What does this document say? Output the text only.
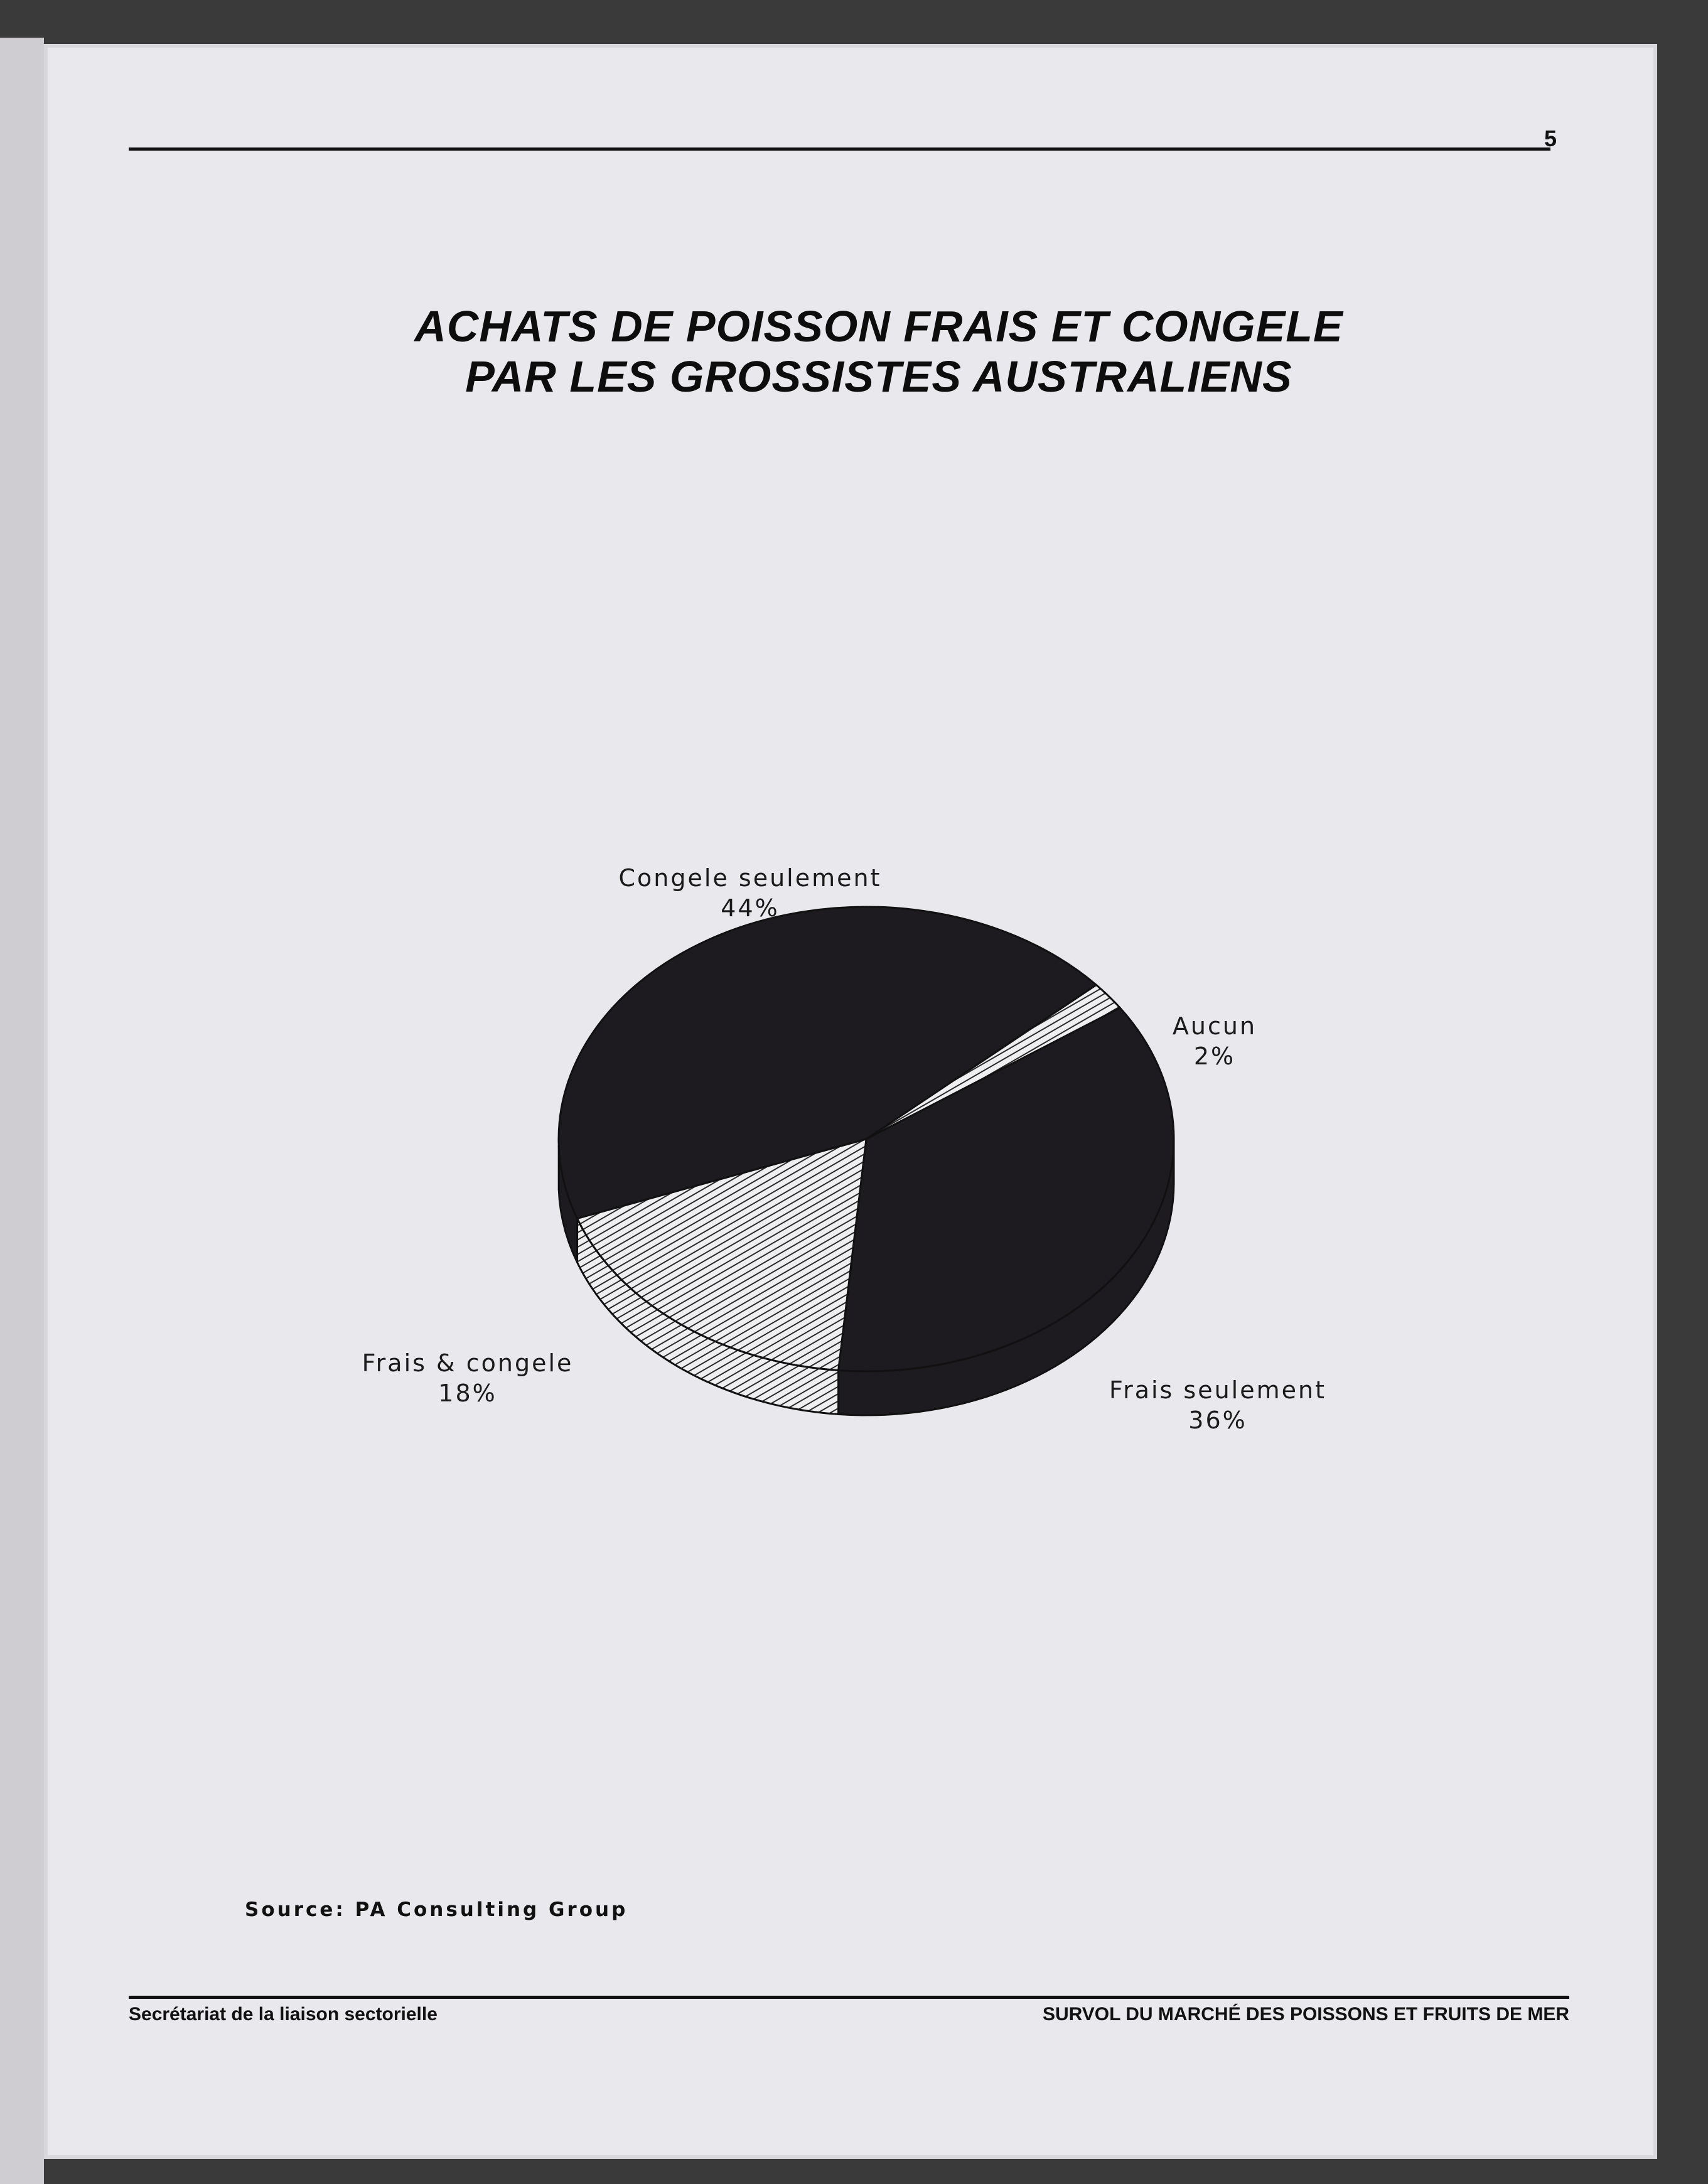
5
ACHATS DE POISSON FRAIS ET CONGELE
PAR LES GROSSISTES AUSTRALIENS
Congele seulement
44%
Aucun
2%
Frais seulement
36%
Frais & congele
18%
Source: PA Consulting Group
Secrétariat de la liaison sectorielle	SURVOL DU MARCHÉ DES POISSONS ET FRUITS DE MER
